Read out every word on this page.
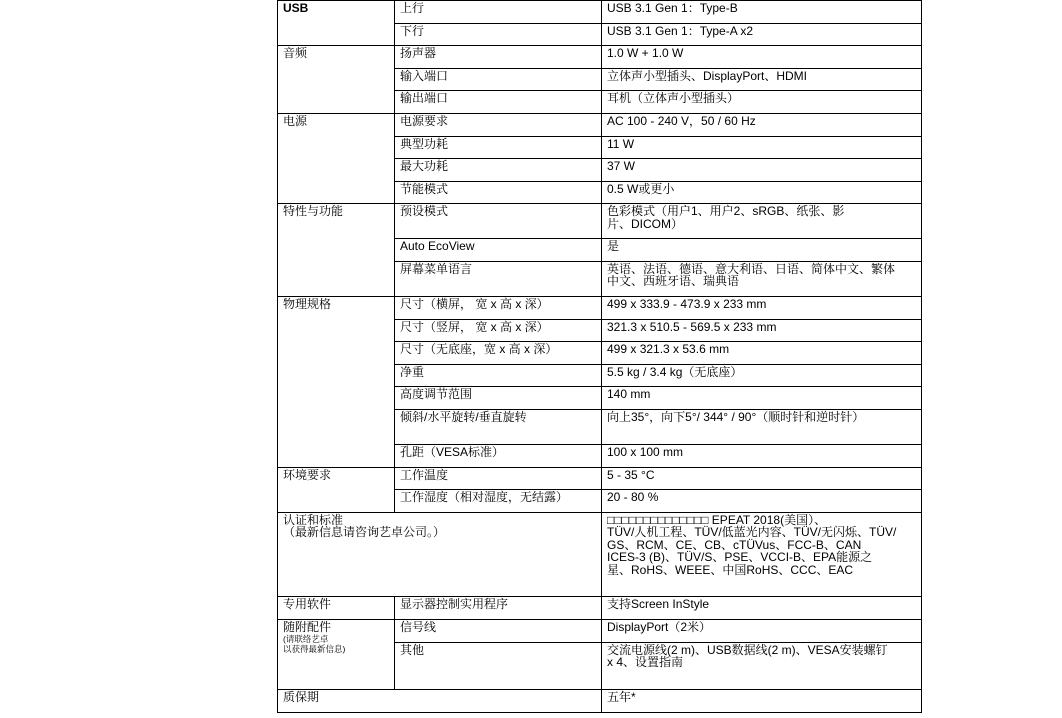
USB	上行	USB 3.1 Gen 1：Type-B
	下行	USB 3.1 Gen 1：Type-A x2
音频	扬声器	1.0 W + 1.0 W
	输入端口	立体声小型插头、DisplayPort、HDMI
	输出端口	耳机（立体声小型插头）
电源	电源要求	AC 100 - 240 V，50 / 60 Hz
	典型功耗	11 W
	最大功耗	37 W
	节能模式	0.5 W或更小
特性与功能	预设模式	色彩模式（用户1、用户2、sRGB、纸张、影
片、DICOM）
	Auto EcoView	是
	屏幕菜单语言	英语、法语、德语、意大利语、日语、简体中文、繁体
中文、西班牙语、瑞典语
物理规格	尺寸（横屏， 宽 x 高 x 深）	499 x 333.9 - 473.9 x 233 mm
	尺寸（竖屏， 宽 x 高 x 深）	321.3 x 510.5 - 569.5 x 233 mm
	尺寸（无底座，宽 x 高 x 深）	499 x 321.3 x 53.6 mm
	净重	5.5 kg / 3.4 kg（无底座）
	高度调节范围	140 mm
	倾斜/水平旋转/垂直旋转	向上35°，向下5°/ 344° / 90°（顺时针和逆时针）
	孔距（VESA标准）	100 x 100 mm
环境要求	工作温度	5 - 35 °C
	工作湿度（相对湿度，无结露）	20 - 80 %
认证和标准
（最新信息请咨询艺卓公司。）		□□□□□□□□□□□□□□ EPEAT 2018(美国）、
TÜV/人机工程、TÜV/低蓝光内容、TÜV/无闪烁、TÜV/
GS、RCM、CE、CB、cTÜVus、FCC-B、CAN
ICES-3 (B)、TÜV/S、PSE、VCCI-B、EPA能源之
星、RoHS、WEEE、中国RoHS、CCC、EAC
专用软件	显示器控制实用程序	支持Screen InStyle
随附配件
(请联络艺卓
以获得最新信息)	信号线	DisplayPort（2米）
	其他	交流电源线(2 m)、USB数据线(2 m)、VESA安装螺钉
x 4、设置指南
质保期		五年*
